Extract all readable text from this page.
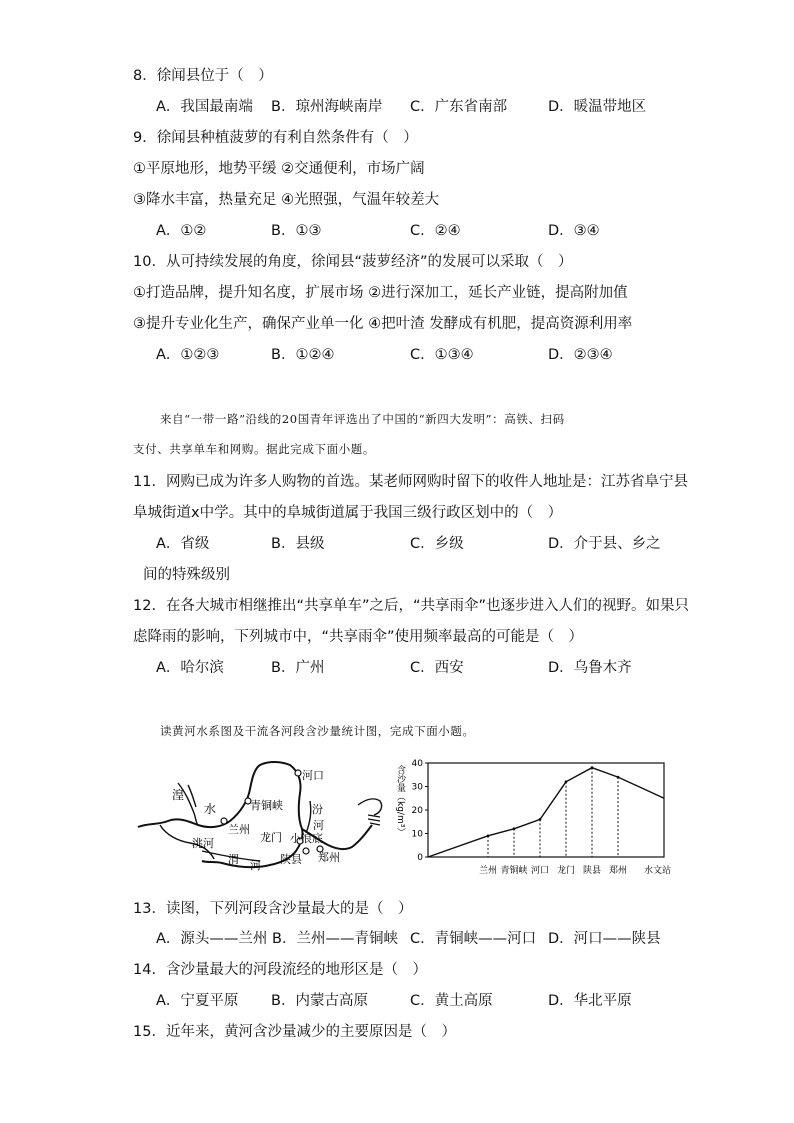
8．徐闻县位于（　）
A．我国最南端 B．琼州海峡南岸 C．广东省南部	D．暖温带地区
9．徐闻县种植菠萝的有利自然条件有（　）
①平原地形，地势平缓 ②交通便利，市场广阔
③降水丰富，热量充足 ④光照强，气温年较差大
A．①②	B．①③	C．②④	D．③④
10．从可持续发展的角度，徐闻县“菠萝经济”的发展可以采取（　）
①打造品牌，提升知名度，扩展市场 ②进行深加工，延长产业链，提高附加值
③提升专业化生产，确保产业单一化 ④把叶渣 发酵成有机肥，提高资源利用率
A．①②③	B．①②④	C．①③④	D．②③④
来自“一带一路”沿线的20国青年评选出了中国的“新四大发明”：高铁、扫码
支付、共享单车和网购。据此完成下面小题。
11．网购已成为许多人购物的首选。某老师网购时留下的收件人地址是：江苏省阜宁县
阜城街道x中学。其中的阜城街道属于我国三级行政区划中的（　）
A．省级	B．县级	C．乡级	D．介于县、乡之
间的特殊级别
12．在各大城市相继推出“共享单车”之后，“共享雨伞”也逐步进入人们的视野。如果只
虑降雨的影响，下列城市中，“共享雨伞”使用频率最高的可能是（　）
A．哈尔滨	B．广州	C．西安	D．乌鲁木齐
读黄河水系图及干流各河段含沙量统计图，完成下面小题。
湟
水	青铜峡
河口
汾
河
兰州
洮河	龙门 小浪底
渭 河 陕县 郑州
含沙量（kg/m³）
0
10
20
30
40
兰州 青铜峡 河口 龙门 陕县 郑州 水文站
13．读图，下列河段含沙量最大的是（　）
A．源头——兰州 B．兰州——青铜峡 C．青铜峡——河口 D．河口——陕县
14．含沙量最大的河段流经的地形区是（　）
A．宁夏平原 B．内蒙古高原	C．黄土高原	D．华北平原
15．近年来，黄河含沙量减少的主要原因是（　）
